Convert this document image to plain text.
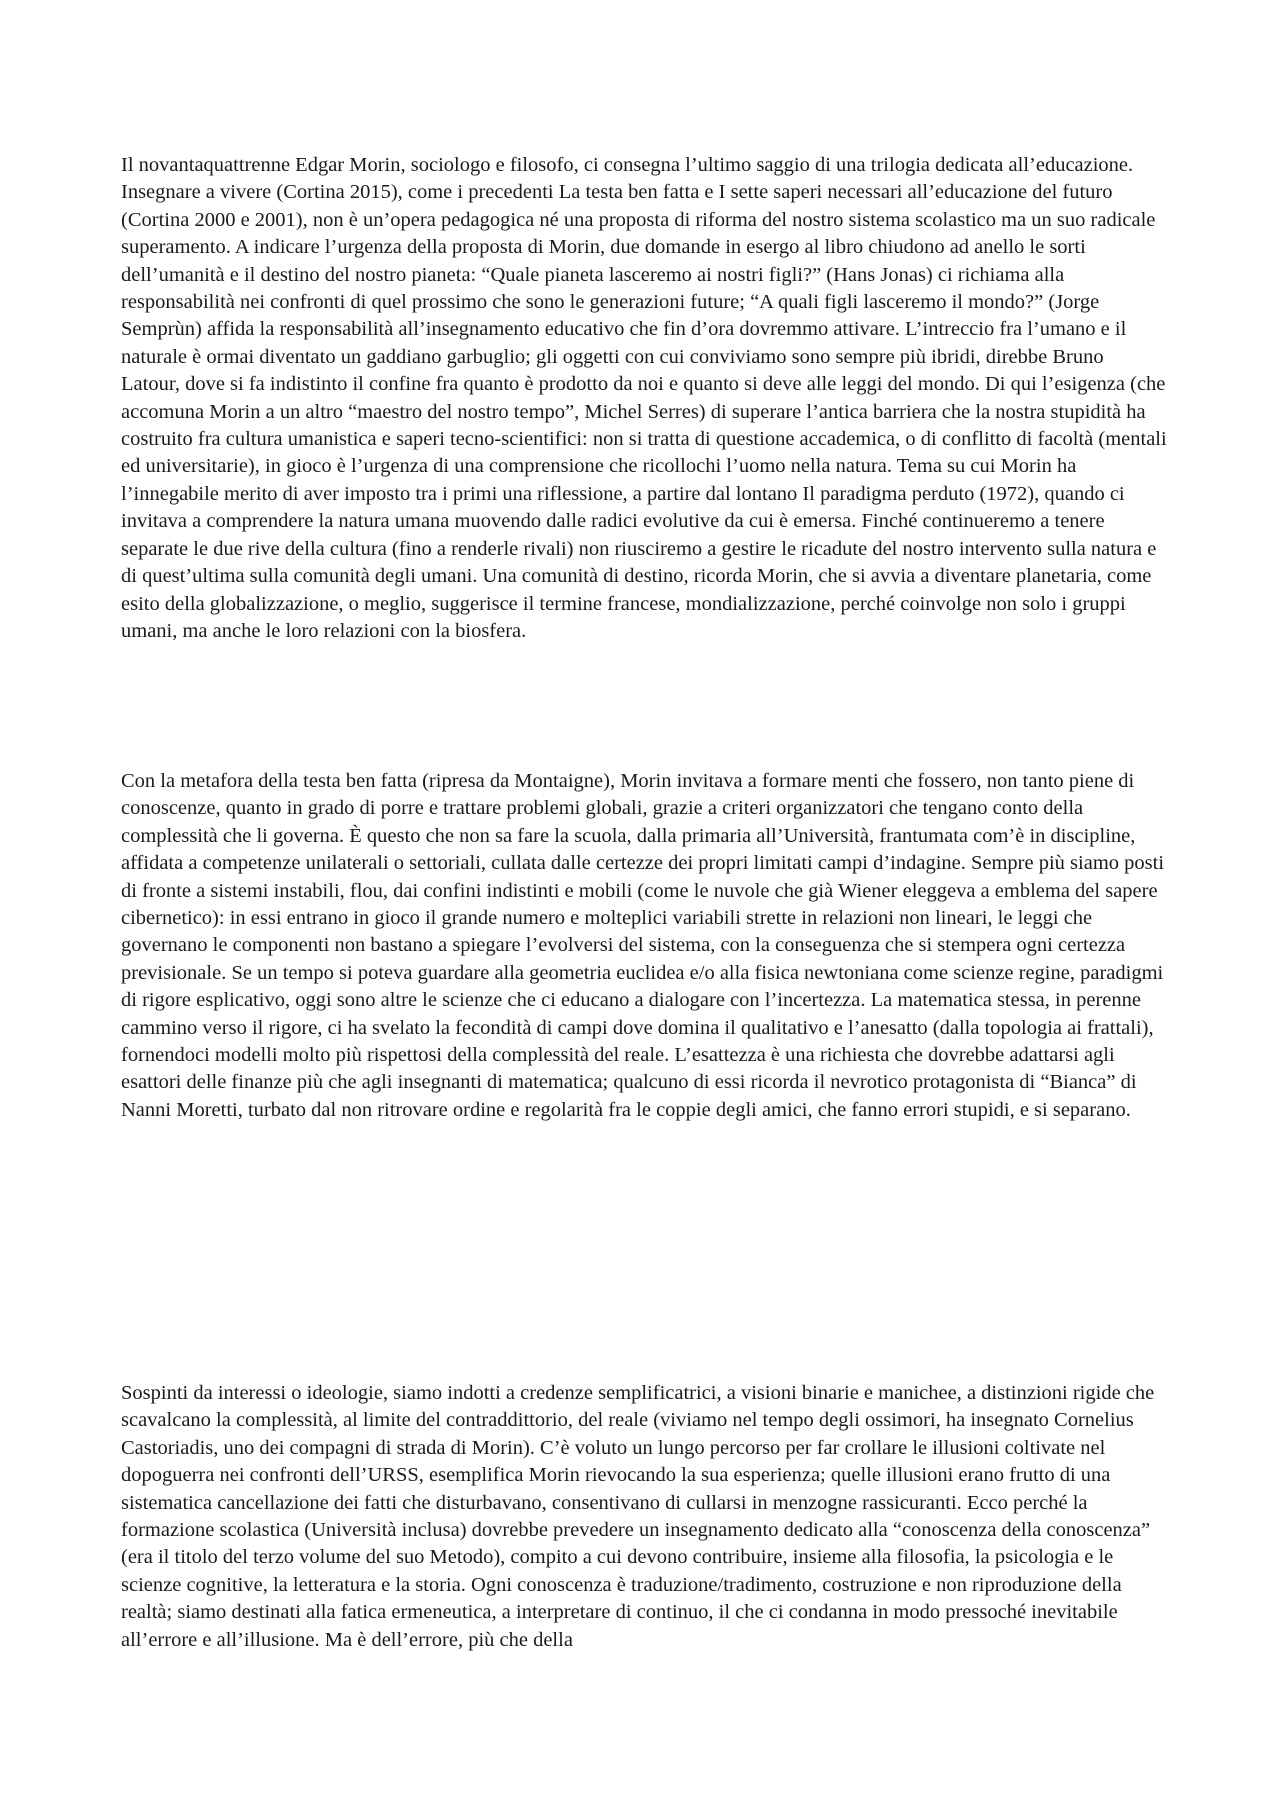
Il novantaquattrenne Edgar Morin, sociologo e filosofo, ci consegna l’ultimo saggio di una trilogia dedicata all’educazione. Insegnare a vivere (Cortina 2015), come i precedenti La testa ben fatta e I sette saperi necessari all’educazione del futuro (Cortina 2000 e 2001), non è un’opera pedagogica né una proposta di riforma del nostro sistema scolastico ma un suo radicale superamento. A indicare l’urgenza della proposta di Morin, due domande in esergo al libro chiudono ad anello le sorti dell’umanità e il destino del nostro pianeta: “Quale pianeta lasceremo ai nostri figli?” (Hans Jonas) ci richiama alla responsabilità nei confronti di quel prossimo che sono le generazioni future; “A quali figli lasceremo il mondo?” (Jorge Semprùn) affida la responsabilità all’insegnamento educativo che fin d’ora dovremmo attivare. L’intreccio fra l’umano e il naturale è ormai diventato un gaddiano garbuglio; gli oggetti con cui conviviamo sono sempre più ibridi, direbbe Bruno Latour, dove si fa indistinto il confine fra quanto è prodotto da noi e quanto si deve alle leggi del mondo. Di qui l’esigenza (che accomuna Morin a un altro “maestro del nostro tempo”, Michel Serres) di superare l’antica barriera che la nostra stupidità ha costruito fra cultura umanistica e saperi tecno-scientifici: non si tratta di questione accademica, o di conflitto di facoltà (mentali ed universitarie), in gioco è l’urgenza di una comprensione che ricollochi l’uomo nella natura. Tema su cui Morin ha l’innegabile merito di aver imposto tra i primi una riflessione, a partire dal lontano Il paradigma perduto (1972), quando ci invitava a comprendere la natura umana muovendo dalle radici evolutive da cui è emersa. Finché continueremo a tenere separate le due rive della cultura (fino a renderle rivali) non riusciremo a gestire le ricadute del nostro intervento sulla natura e di quest’ultima sulla comunità degli umani. Una comunità di destino, ricorda Morin, che si avvia a diventare planetaria, come esito della globalizzazione, o meglio, suggerisce il termine francese, mondializzazione, perché coinvolge non solo i gruppi umani, ma anche le loro relazioni con la biosfera.

Con la metafora della testa ben fatta (ripresa da Montaigne), Morin invitava a formare menti che fossero, non tanto piene di conoscenze, quanto in grado di porre e trattare problemi globali, grazie a criteri organizzatori che tengano conto della complessità che li governa. È questo che non sa fare la scuola, dalla primaria all’Università, frantumata com’è in discipline, affidata a competenze unilaterali o settoriali, cullata dalle certezze dei propri limitati campi d’indagine. Sempre più siamo posti di fronte a sistemi instabili, flou, dai confini indistinti e mobili (come le nuvole che già Wiener eleggeva a emblema del sapere cibernetico): in essi entrano in gioco il grande numero e molteplici variabili strette in relazioni non lineari, le leggi che governano le componenti non bastano a spiegare l’evolversi del sistema, con la conseguenza che si stempera ogni certezza previsionale. Se un tempo si poteva guardare alla geometria euclidea e/o alla fisica newtoniana come scienze regine, paradigmi di rigore esplicativo, oggi sono altre le scienze che ci educano a dialogare con l’incertezza. La matematica stessa, in perenne cammino verso il rigore, ci ha svelato la fecondità di campi dove domina il qualitativo e l’anesatto (dalla topologia ai frattali), fornendoci modelli molto più rispettosi della complessità del reale. L’esattezza è una richiesta che dovrebbe adattarsi agli esattori delle finanze più che agli insegnanti di matematica; qualcuno di essi ricorda il nevrotico protagonista di “Bianca” di Nanni Moretti, turbato dal non ritrovare ordine e regolarità fra le coppie degli amici, che fanno errori stupidi, e si separano.

Sospinti da interessi o ideologie, siamo indotti a credenze semplificatrici, a visioni binarie e manichee, a distinzioni rigide che scavalcano la complessità, al limite del contraddittorio, del reale (viviamo nel tempo degli ossimori, ha insegnato Cornelius Castoriadis, uno dei compagni di strada di Morin). C’è voluto un lungo percorso per far crollare le illusioni coltivate nel dopoguerra nei confronti dell’URSS, esemplifica Morin rievocando la sua esperienza; quelle illusioni erano frutto di una sistematica cancellazione dei fatti che disturbavano, consentivano di cullarsi in menzogne rassicuranti. Ecco perché la formazione scolastica (Università inclusa) dovrebbe prevedere un insegnamento dedicato alla “conoscenza della conoscenza” (era il titolo del terzo volume del suo Metodo), compito a cui devono contribuire, insieme alla filosofia, la psicologia e le scienze cognitive, la letteratura e la storia. Ogni conoscenza è traduzione/tradimento, costruzione e non riproduzione della realtà; siamo destinati alla fatica ermeneutica, a interpretare di continuo, il che ci condanna in modo pressoché inevitabile all’errore e all’illusione. Ma è dell’errore, più che della
